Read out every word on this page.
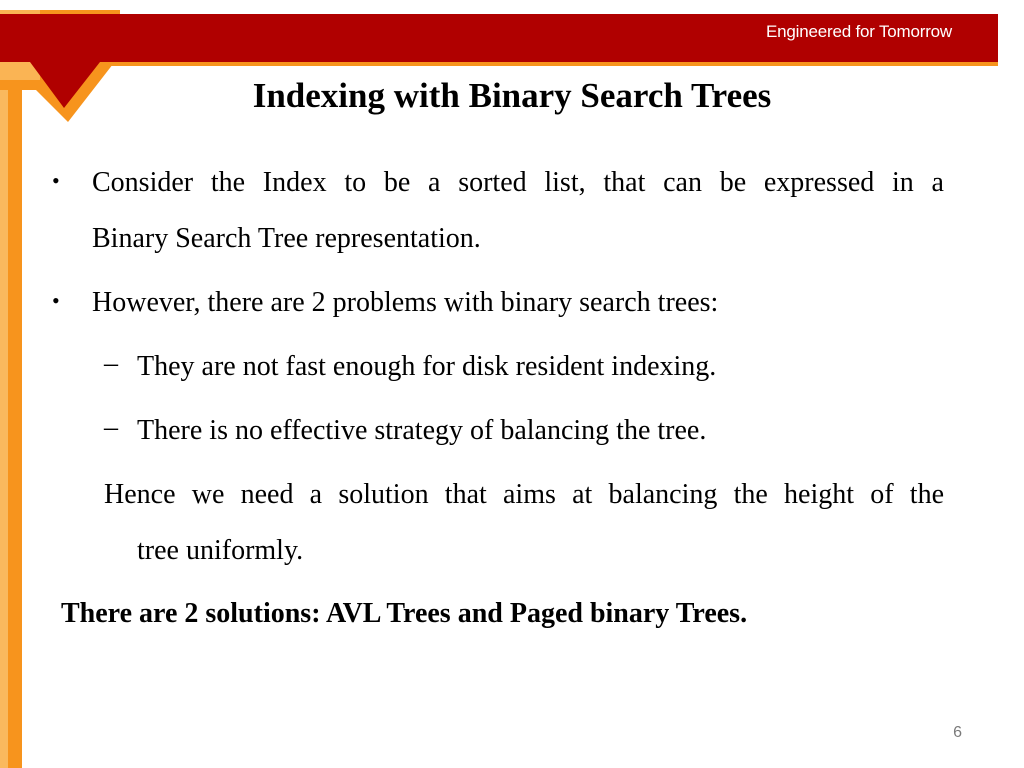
Engineered for Tomorrow
Indexing with Binary Search Trees
• Consider the Index to be a sorted list, that can be expressed in a
Binary Search Tree representation.
• However, there are 2 problems with binary search trees:
– They are not fast enough for disk resident indexing.
– There is no effective strategy of balancing the tree.
Hence we need a solution that aims at balancing the height of the
tree uniformly.
There are 2 solutions: AVL Trees and Paged binary Trees.
6
